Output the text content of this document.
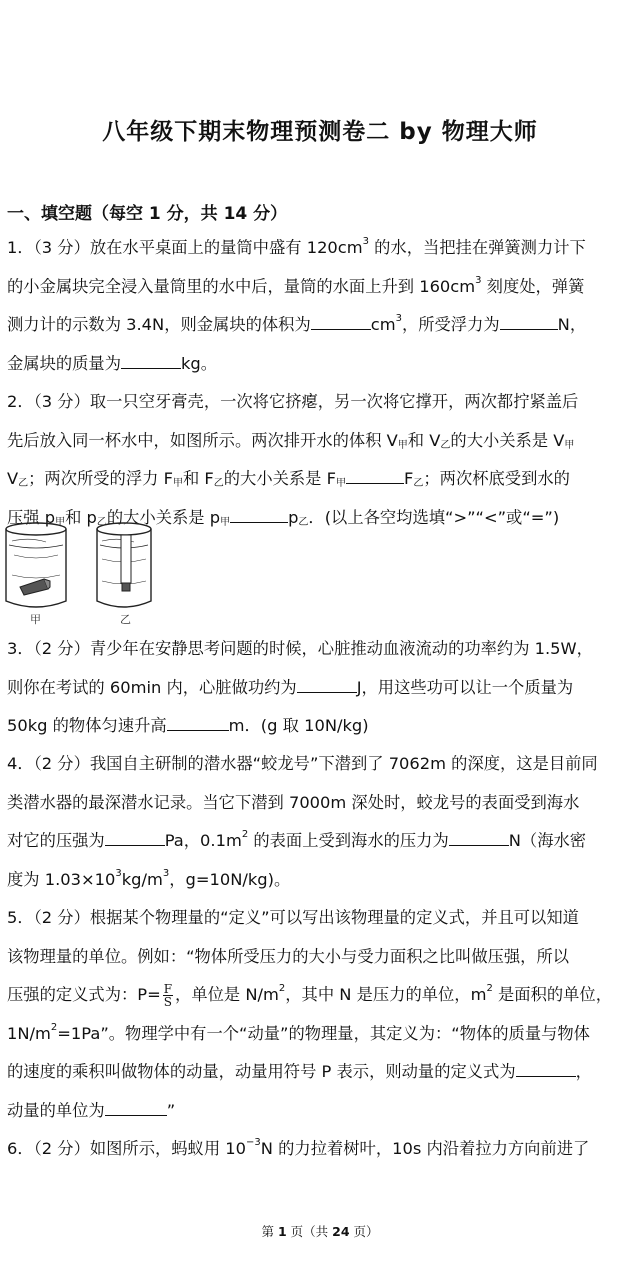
八年级下期末物理预测卷二 by 物理大师
一、填空题（每空 1 分，共 14 分）
1．（3 分）放在水平桌面上的量筒中盛有 $120cm^3$ 的水，当把挂在弹簧测力计下
的小金属块完全浸入量筒里的水中后，量筒的水面上升到 $160cm^3$ 刻度处，弹簧
测力计的示数为 3.4N，则金属块的体积为	$cm^3$，所受浮力为	N，
金属块的质量为	kg。
2．（3 分）取一只空牙膏壳，一次将它挤瘪，另一次将它撑开，两次都拧紧盖后
先后放入同一杯水中，如图所示。两次排开水的体积 $V_甲$和 $V_乙$的大小关系是 $V_甲$
$V_乙$；两次所受的浮力 $F_甲$和 $F_乙$的大小关系是 $F_甲$	$F_乙$；两次杯底受到水的
压强 $p_甲$和 $p_乙$的大小关系是 $p_甲$	$p_乙$．(以上各空均选填“>”“<”或“=”)
甲	乙
3．（2 分）青少年在安静思考问题的时候，心脏推动血液流动的功率约为 1.5W，
则你在考试的 60min 内，心脏做功约为	J，用这些功可以让一个质量为
50kg 的物体匀速升高	m．(g 取 10N/kg)
4．（2 分）我国自主研制的潜水器“蛟龙号”下潜到了 7062m 的深度，这是目前同
类潜水器的最深潜水记录。当它下潜到 7000m 深处时，蛟龙号的表面受到海水
对它的压强为	Pa，$0.1m^2$ 的表面上受到海水的压力为	N（海水密
度为 $1.03\times 10^3kg/m^3$，g=10N/kg)。
5．（2 分）根据某个物理量的“定义”可以写出该物理量的定义式，并且可以知道
该物理量的单位。例如：“物体所受压力的大小与受力面积之比叫做压强，所以
压强的定义式为：$P= \frac{F}{S}$ ，单位是 $N/m^2$，其中 N 是压力的单位，$m^2$ 是面积的单位，
$1N/m^2=1Pa$”。物理学中有一个“动量”的物理量，其定义为：“物体的质量与物体
的速度的乘积叫做物体的动量，动量用符号 P 表示，则动量的定义式为	，
动量的单位为	”
6．（2 分）如图所示，蚂蚁用 $10^{-3}N$ 的力拉着树叶，10s 内沿着拉力方向前进了
第 1 页（共 24 页）
